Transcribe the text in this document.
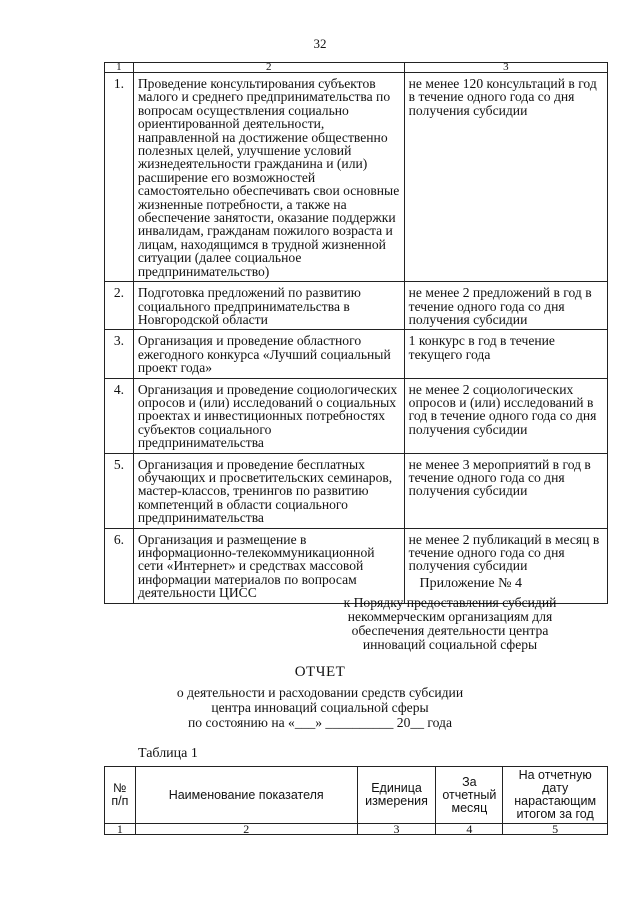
32
1	2	3
1.	Проведение консультирования субъектов малого и среднего предпринимательства по вопросам осуществления социально ориентированной деятельности, направленной на достижение общественно полезных целей, улучшение условий жизнедеятельности гражданина и (или) расширение его возможностей самостоятельно обеспечивать свои основные жизненные потребности, а также на обеспечение занятости, оказание поддержки инвалидам, гражданам пожилого возраста и лицам, находящимся в трудной жизненной ситуации (далее социальное предпринимательство)	не менее 120 консультаций в год в течение одного года со дня получения субсидии
2.	Подготовка предложений по развитию социального предпринимательства в Новгородской области	не менее 2 предложений в год в течение одного года со дня получения субсидии
3.	Организация и проведение областного ежегодного конкурса «Лучший социальный проект года»	1 конкурс в год в течение текущего года
4.	Организация и проведение социологических опросов и (или) исследований о социальных проектах и инвестиционных потребностях субъектов социального предпринимательства	не менее 2 социологических опросов и (или) исследований в год в течение одного года со дня получения субсидии
5.	Организация и проведение бесплатных обучающих и просветительских семинаров, мастер-классов, тренингов по развитию компетенций в области социального предпринимательства	не менее 3 мероприятий в год в течение одного года со дня получения субсидии
6.	Организация и размещение в информационно-телекоммуникационной сети «Интернет» и средствах массовой информации материалов по вопросам деятельности ЦИСС	не менее 2 публикаций в месяц в течение одного года со дня получения субсидии
Приложение № 4
к Порядку предоставления субсидий некоммерческим организациям для обеспечения деятельности центра инноваций социальной сферы
ОТЧЕТ
о деятельности и расходовании средств субсидии
центра инноваций социальной сферы
по состоянию на «___» __________ 20__ года
Таблица 1
№ п/п	Наименование показателя	Единица измерения	За отчетный месяц	На отчетную дату нарастающим итогом за год
1	2	3	4	5
